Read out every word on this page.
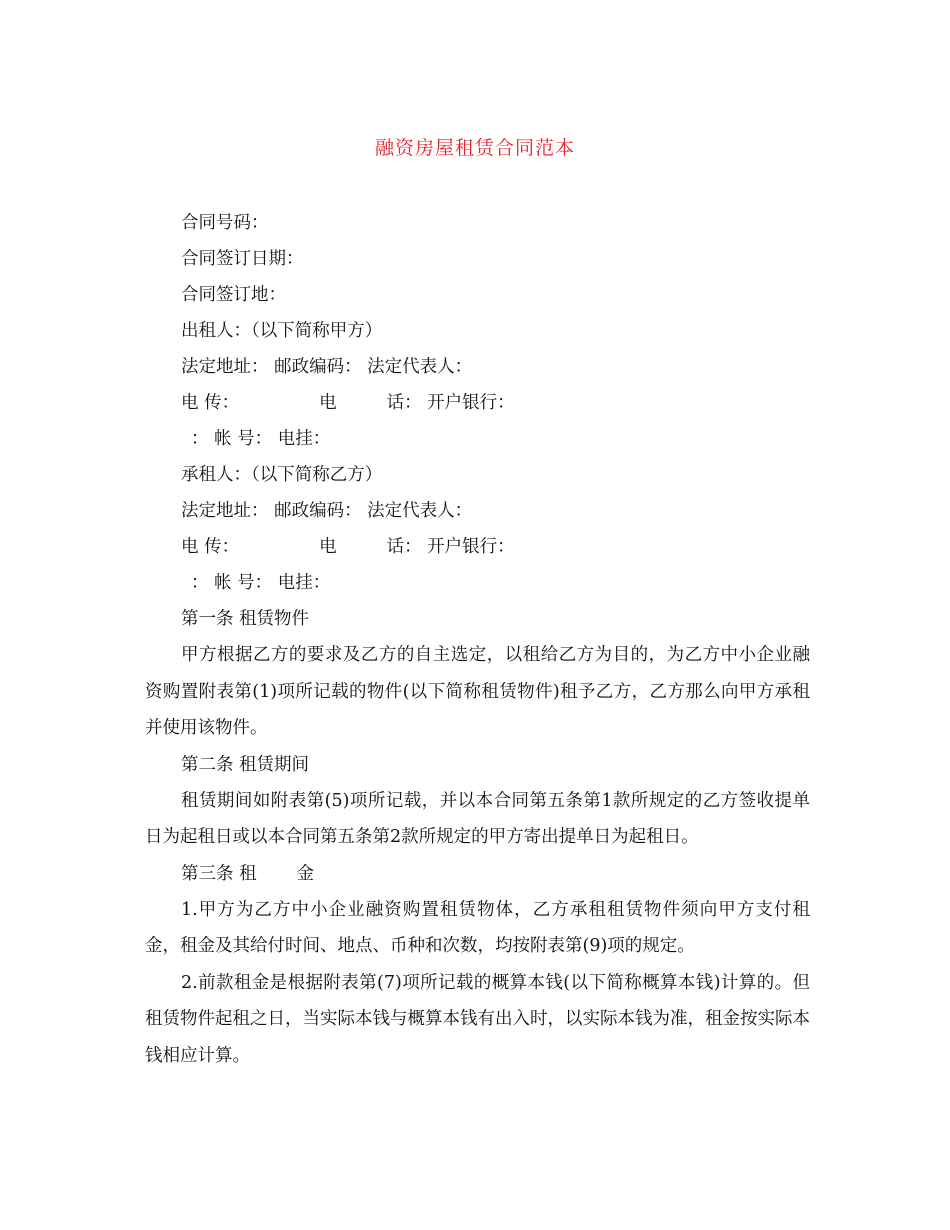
融资房屋租赁合同范本
合同号码：
合同签订日期：
合同签订地：
出租人：（以下简称甲方）
法定地址： 邮政编码： 法定代表人：
电 传：	电	话： 开户银行：
： 帐 号： 电挂：
承租人：（以下简称乙方）
法定地址： 邮政编码： 法定代表人：
电 传：	电	话： 开户银行：
： 帐 号： 电挂：
第一条 租赁物件
甲方根据乙方的要求及乙方的自主选定，以租给乙方为目的，为乙方中小企业融资购置附表第(1)项所记载的物件(以下简称租赁物件)租予乙方，乙方那么向甲方承租并使用该物件。
第二条 租赁期间
租赁期间如附表第(5)项所记载，并以本合同第五条第1款所规定的乙方签收提单日为起租日或以本合同第五条第2款所规定的甲方寄出提单日为起租日。
第三条 租 金
1.甲方为乙方中小企业融资购置租赁物体，乙方承租租赁物件须向甲方支付租金，租金及其给付时间、地点、币种和次数，均按附表第(9)项的规定。
2.前款租金是根据附表第(7)项所记载的概算本钱(以下简称概算本钱)计算的。但租赁物件起租之日，当实际本钱与概算本钱有出入时，以实际本钱为准，租金按实际本钱相应计算。
